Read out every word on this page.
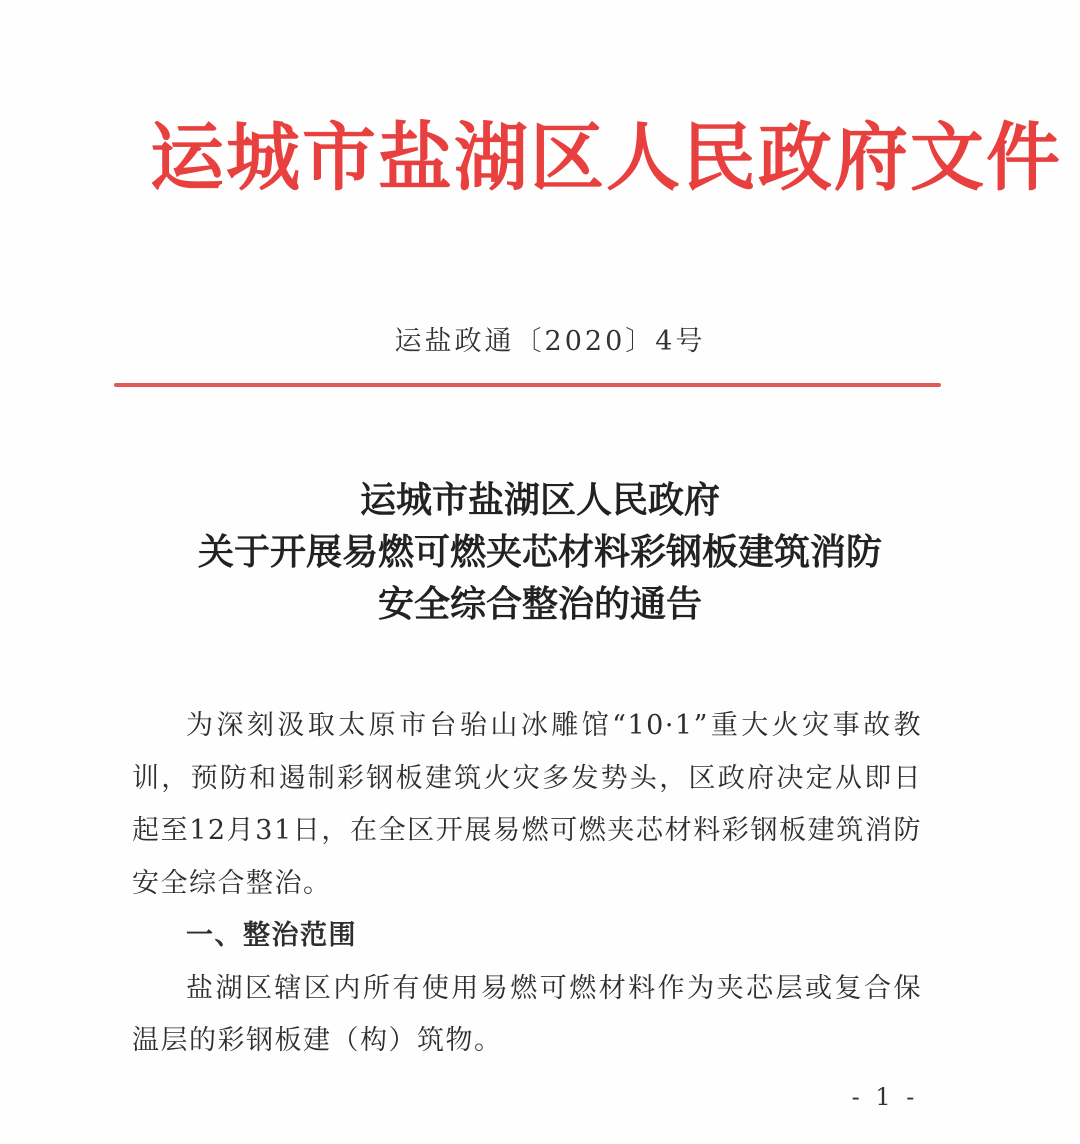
运城市盐湖区人民政府文件
运盐政通〔2020〕4号
运城市盐湖区人民政府
关于开展易燃可燃夹芯材料彩钢板建筑消防
安全综合整治的通告

为深刻汲取太原市台骀山冰雕馆“10·1”重大火灾事故教训，预防和遏制彩钢板建筑火灾多发势头，区政府决定从即日起至12月31日，在全区开展易燃可燃夹芯材料彩钢板建筑消防安全综合整治。

一、整治范围

盐湖区辖区内所有使用易燃可燃材料作为夹芯层或复合保温层的彩钢板建（构）筑物。

- 1 -
